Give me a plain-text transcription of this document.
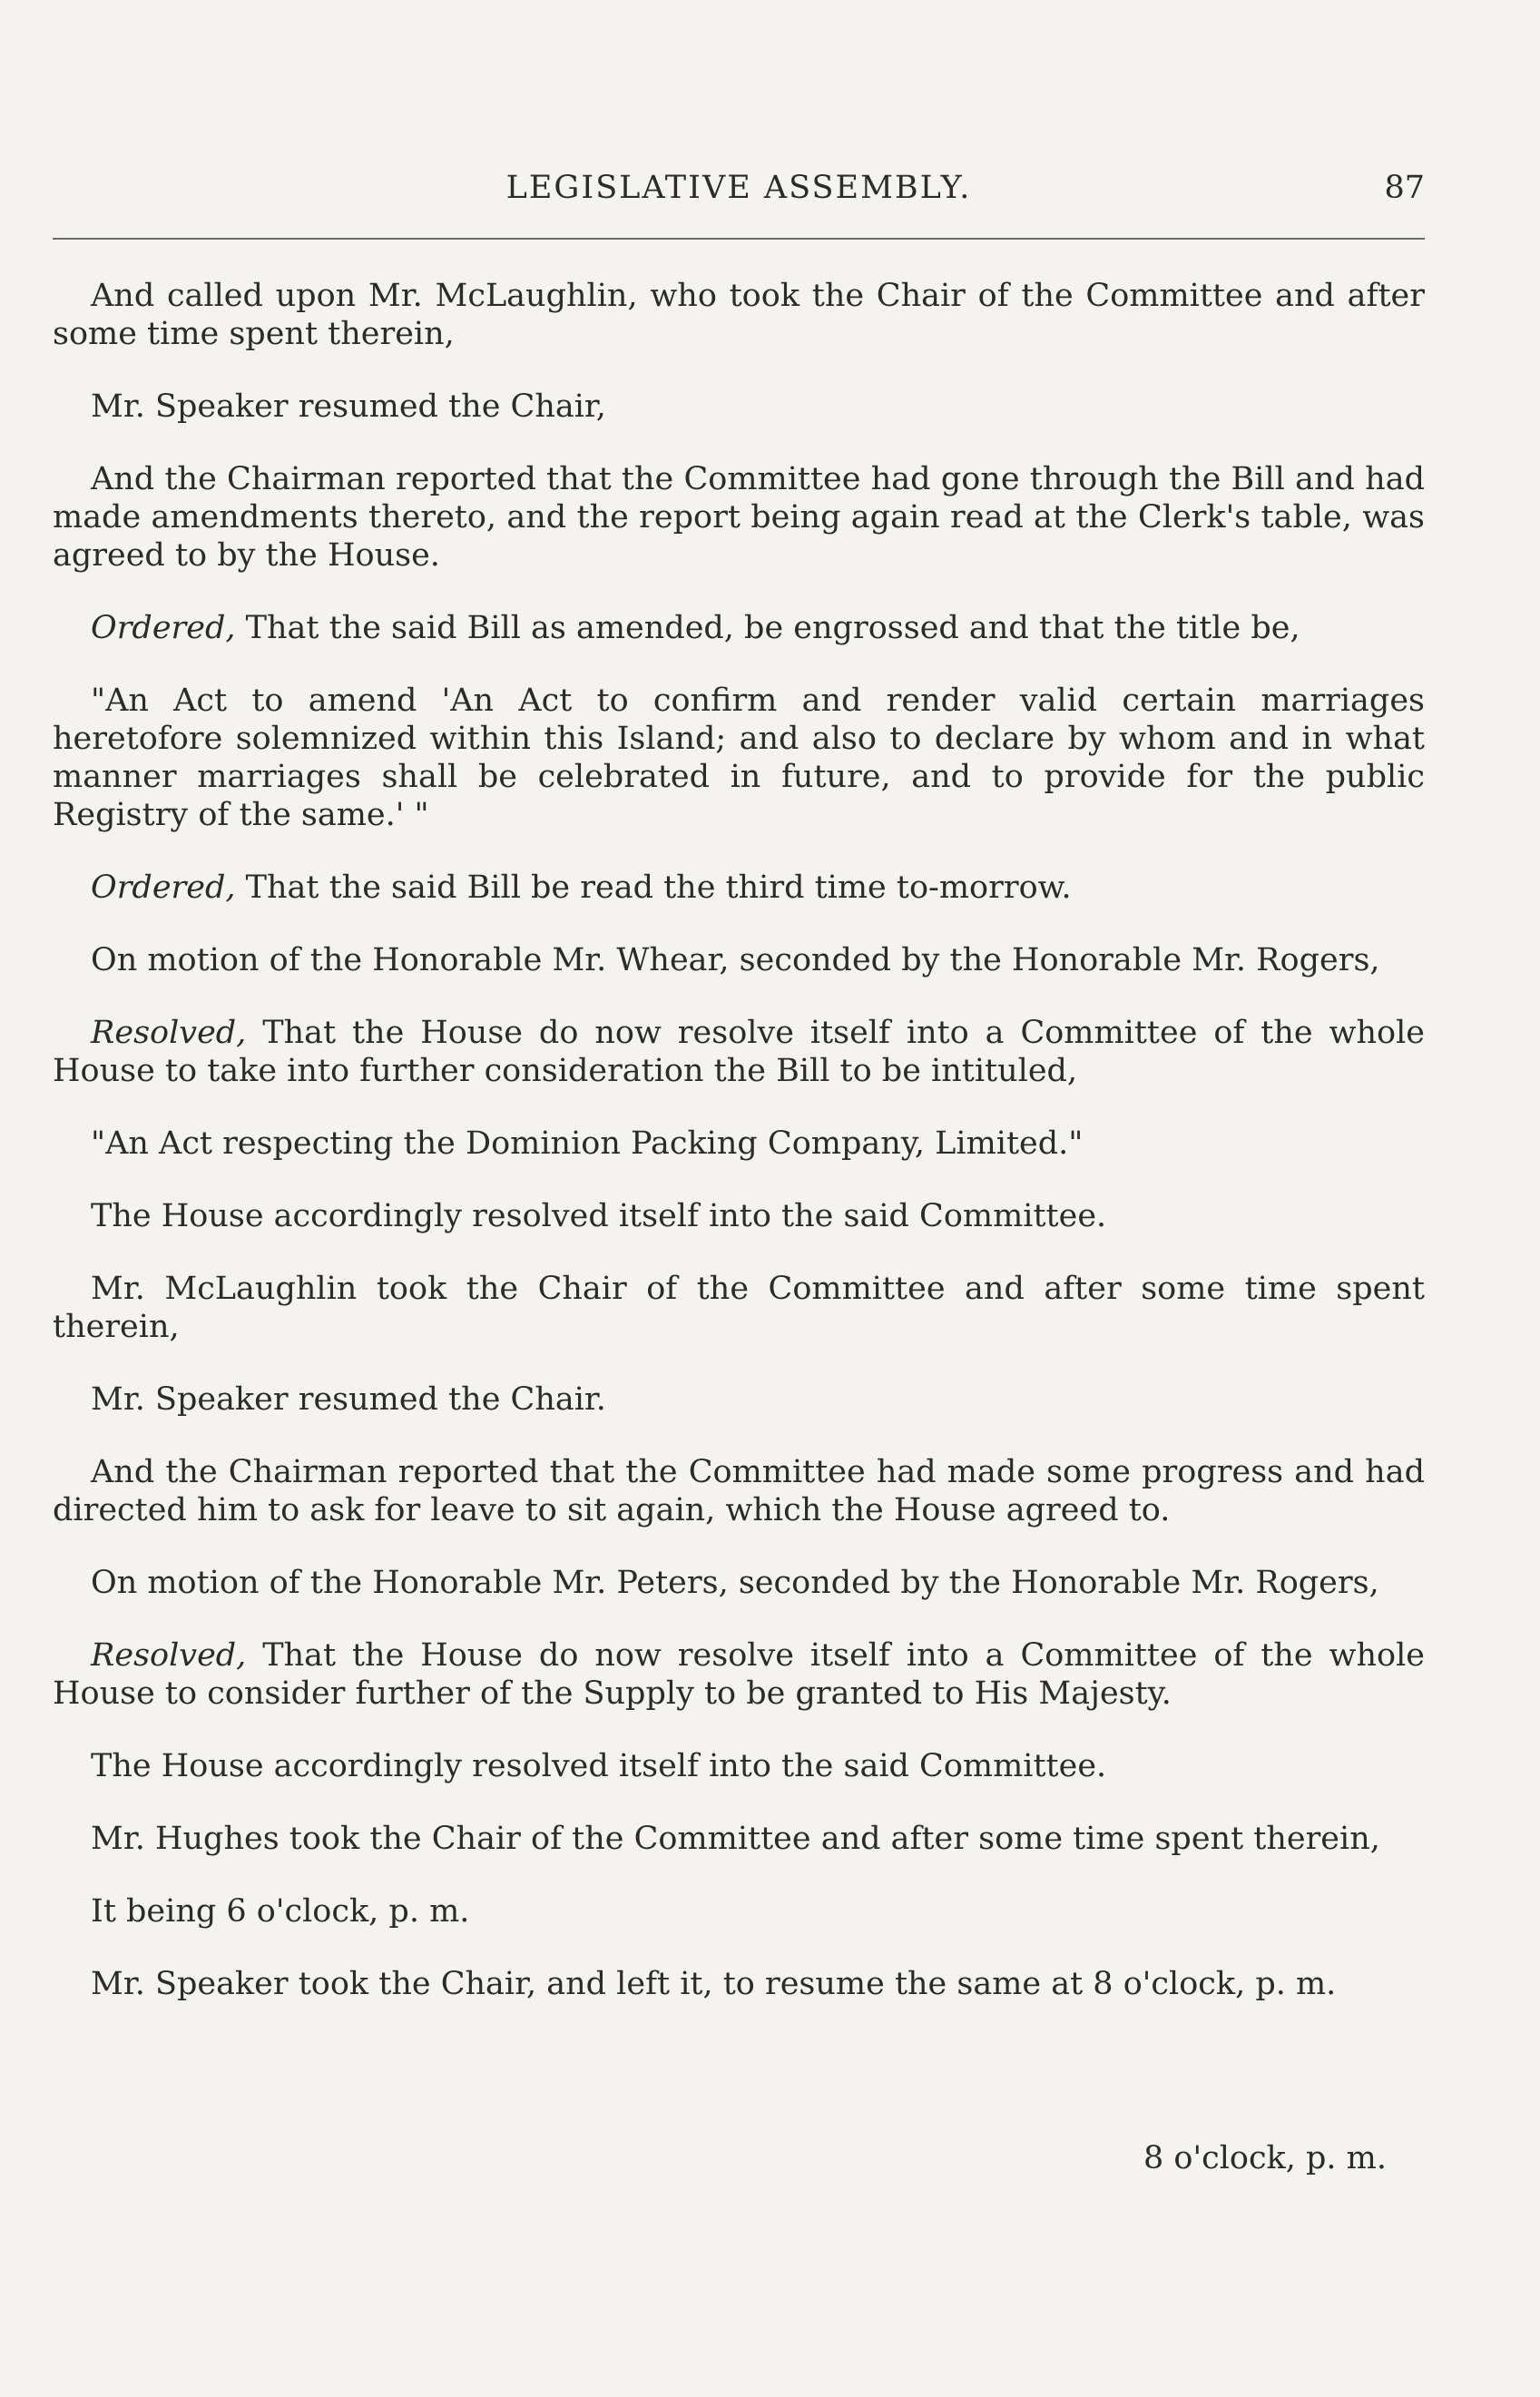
LEGISLATIVE ASSEMBLY.	87

And called upon Mr. McLaughlin, who took the Chair of the Committee and after some time spent therein,

Mr. Speaker resumed the Chair,

And the Chairman reported that the Committee had gone through the Bill and had made amendments thereto, and the report being again read at the Clerk's table, was agreed to by the House.

Ordered, That the said Bill as amended, be engrossed and that the title be,

"An Act to amend 'An Act to confirm and render valid certain marriages heretofore solemnized within this Island; and also to declare by whom and in what manner marriages shall be celebrated in future, and to provide for the public Registry of the same.' "

Ordered, That the said Bill be read the third time to-morrow.

On motion of the Honorable Mr. Whear, seconded by the Honorable Mr. Rogers,

Resolved, That the House do now resolve itself into a Committee of the whole House to take into further consideration the Bill to be intituled,

"An Act respecting the Dominion Packing Company, Limited."

The House accordingly resolved itself into the said Committee.

Mr. McLaughlin took the Chair of the Committee and after some time spent therein,

Mr. Speaker resumed the Chair.

And the Chairman reported that the Committee had made some progress and had directed him to ask for leave to sit again, which the House agreed to.

On motion of the Honorable Mr. Peters, seconded by the Honorable Mr. Rogers,

Resolved, That the House do now resolve itself into a Committee of the whole House to consider further of the Supply to be granted to His Majesty.

The House accordingly resolved itself into the said Committee.

Mr. Hughes took the Chair of the Committee and after some time spent therein,

It being 6 o'clock, p. m.

Mr. Speaker took the Chair, and left it, to resume the same at 8 o'clock, p. m.

8 o'clock, p. m.
